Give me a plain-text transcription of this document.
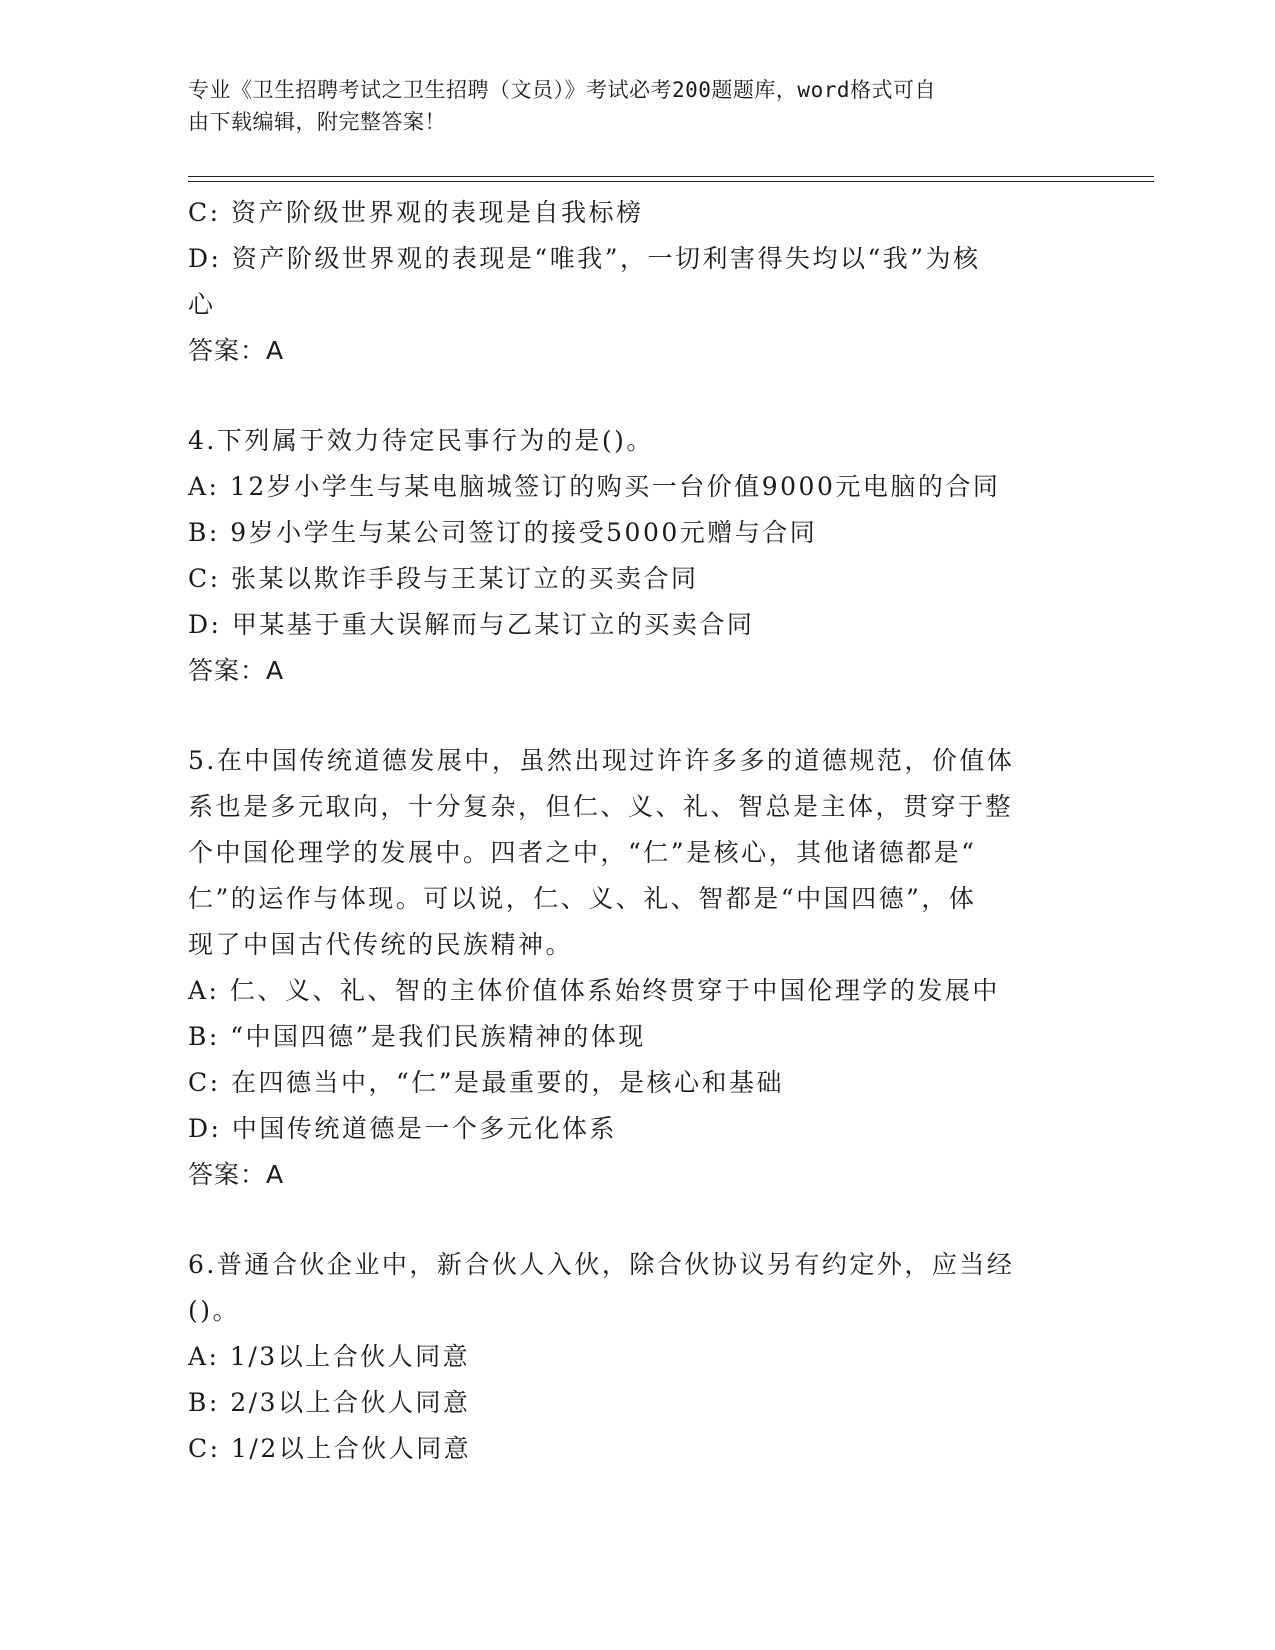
专业《卫生招聘考试之卫生招聘（文员）》考试必考200题题库，word格式可自
由下载编辑，附完整答案！
C: 资产阶级世界观的表现是自我标榜
D: 资产阶级世界观的表现是“唯我”，一切利害得失均以“我”为核
心
答案：A
4.下列属于效力待定民事行为的是()。
A: 12岁小学生与某电脑城签订的购买一台价值9000元电脑的合同
B: 9岁小学生与某公司签订的接受5000元赠与合同
C: 张某以欺诈手段与王某订立的买卖合同
D: 甲某基于重大误解而与乙某订立的买卖合同
答案：A
5.在中国传统道德发展中，虽然出现过许许多多的道德规范，价值体
系也是多元取向，十分复杂，但仁、义、礼、智总是主体，贯穿于整
个中国伦理学的发展中。四者之中，“仁”是核心，其他诸德都是“
仁”的运作与体现。可以说，仁、义、礼、智都是“中国四德”，体
现了中国古代传统的民族精神。
A: 仁、义、礼、智的主体价值体系始终贯穿于中国伦理学的发展中
B: “中国四德”是我们民族精神的体现
C: 在四德当中，“仁”是最重要的，是核心和基础
D: 中国传统道德是一个多元化体系
答案：A
6.普通合伙企业中，新合伙人入伙，除合伙协议另有约定外，应当经
()。
A: 1/3以上合伙人同意
B: 2/3以上合伙人同意
C: 1/2以上合伙人同意
